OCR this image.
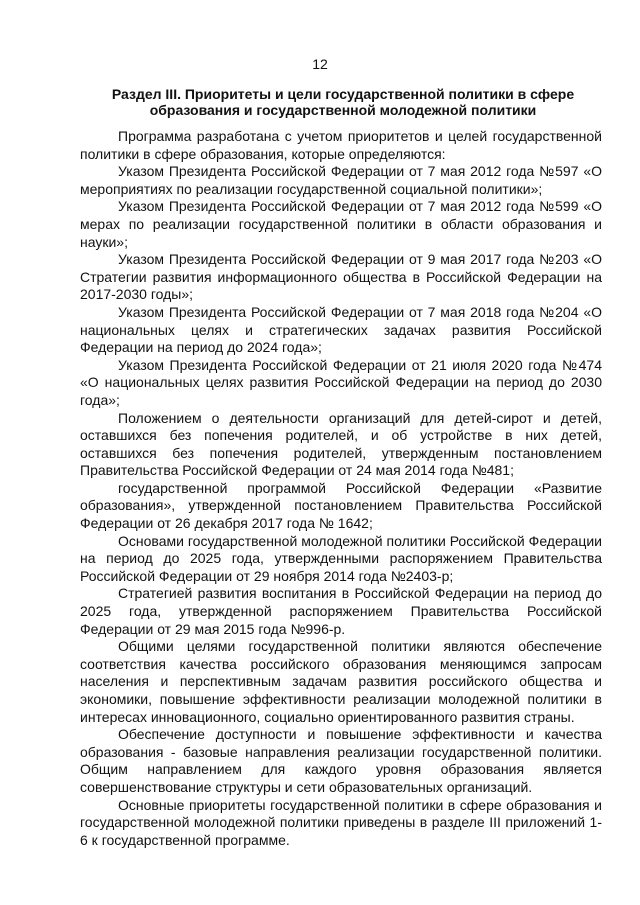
12
Раздел III. Приоритеты и цели государственной политики в сфере образования и государственной молодежной политики

Программа разработана с учетом приоритетов и целей государственной политики в сфере образования, которые определяются:

Указом Президента Российской Федерации от 7 мая 2012 года №597 «О мероприятиях по реализации государственной социальной политики»;

Указом Президента Российской Федерации от 7 мая 2012 года №599 «О мерах по реализации государственной политики в области образования и науки»;

Указом Президента Российской Федерации от 9 мая 2017 года №203 «О Стратегии развития информационного общества в Российской Федерации на 2017-2030 годы»;

Указом Президента Российской Федерации от 7 мая 2018 года №204 «О национальных целях и стратегических задачах развития Российской Федерации на период до 2024 года»;

Указом Президента Российской Федерации от 21 июля 2020 года №474 «О национальных целях развития Российской Федерации на период до 2030 года»;

Положением о деятельности организаций для детей-сирот и детей, оставшихся без попечения родителей, и об устройстве в них детей, оставшихся без попечения родителей, утвержденным постановлением Правительства Российской Федерации от 24 мая 2014 года №481;

государственной программой Российской Федерации «Развитие образования», утвержденной постановлением Правительства Российской Федерации от 26 декабря 2017 года № 1642;

Основами государственной молодежной политики Российской Федерации на период до 2025 года, утвержденными распоряжением Правительства Российской Федерации от 29 ноября 2014 года №2403-р;

Стратегией развития воспитания в Российской Федерации на период до 2025 года, утвержденной распоряжением Правительства Российской Федерации от 29 мая 2015 года №996-р.

Общими целями государственной политики являются обеспечение соответствия качества российского образования меняющимся запросам населения и перспективным задачам развития российского общества и экономики, повышение эффективности реализации молодежной политики в интересах инновационного, социально ориентированного развития страны.

Обеспечение доступности и повышение эффективности и качества образования - базовые направления реализации государственной политики. Общим направлением для каждого уровня образования является совершенствование структуры и сети образовательных организаций.

Основные приоритеты государственной политики в сфере образования и государственной молодежной политики приведены в разделе III приложений 1-6 к государственной программе.
